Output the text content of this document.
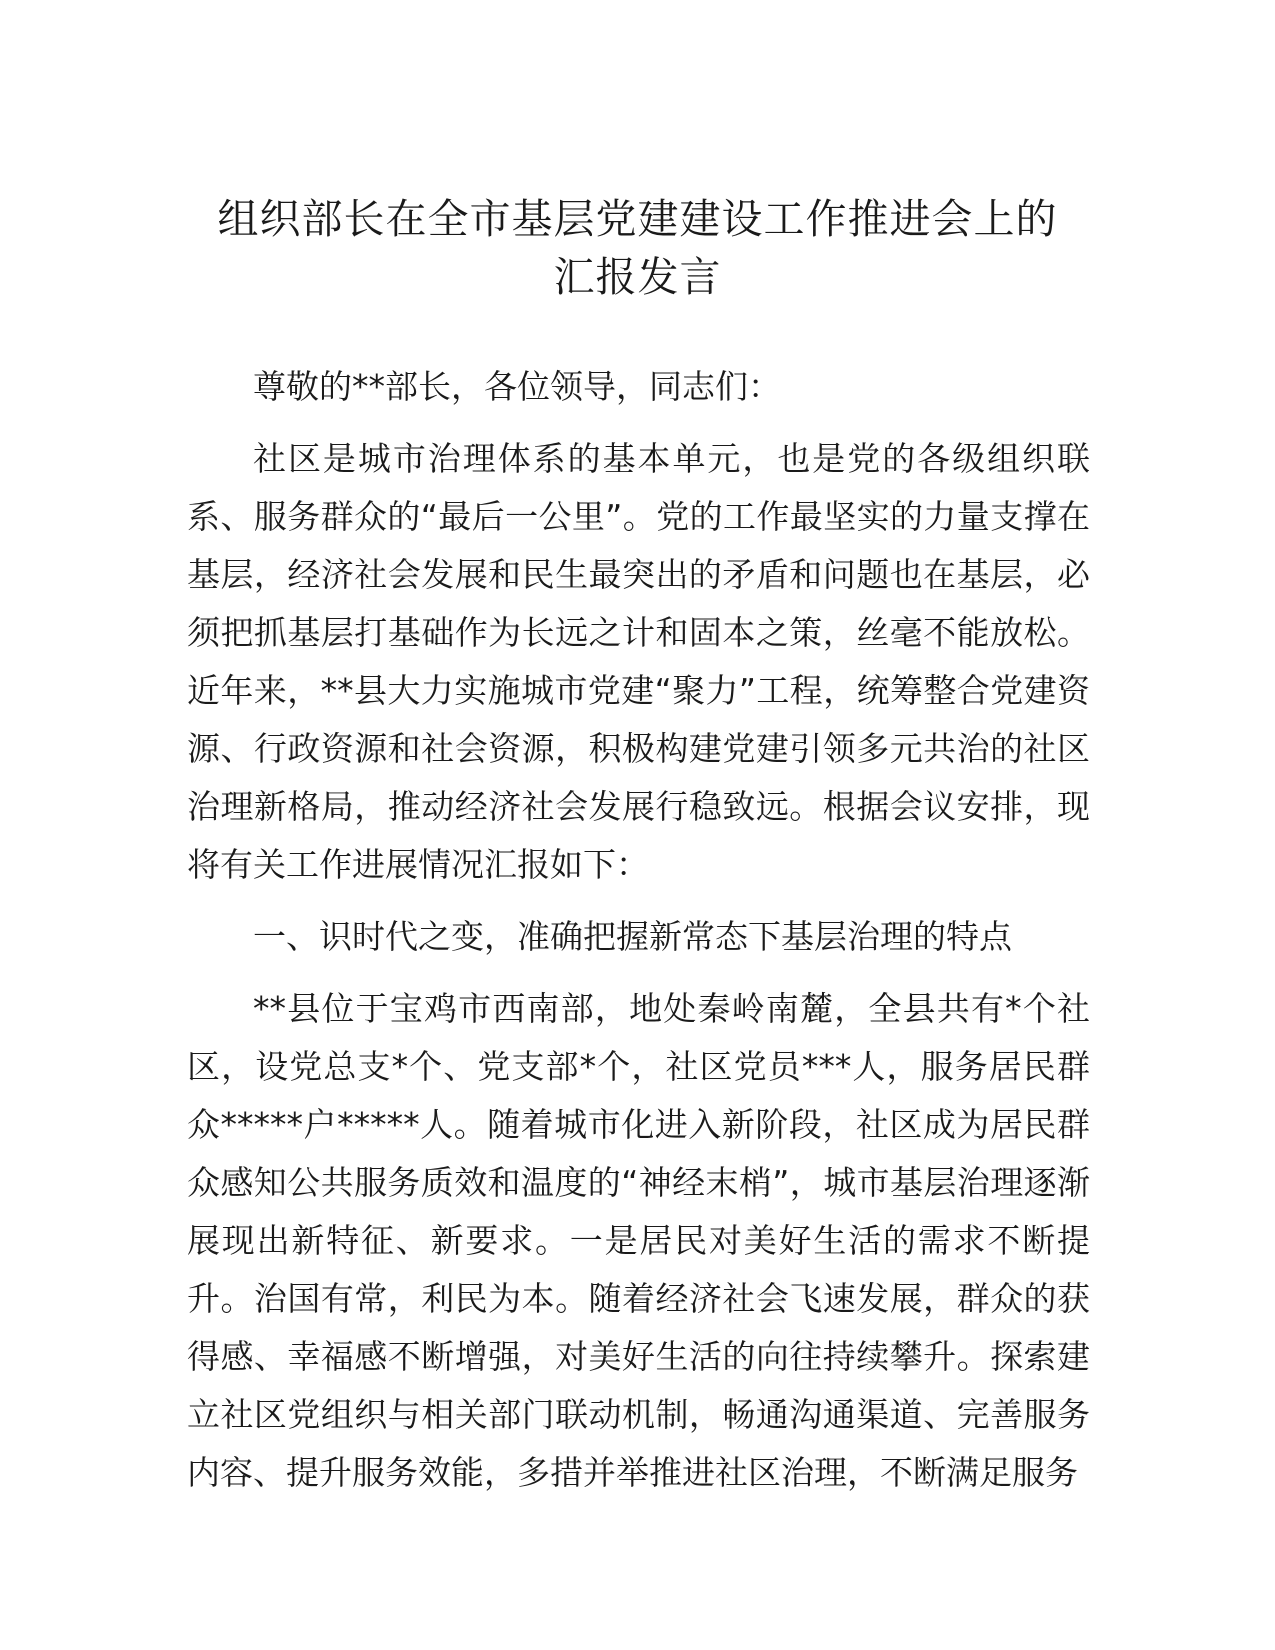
组织部长在全市基层党建建设工作推进会上的
汇报发言

尊敬的**部长，各位领导，同志们：

社区是城市治理体系的基本单元，也是党的各级组织联系、服务群众的“最后一公里”。党的工作最坚实的力量支撑在基层，经济社会发展和民生最突出的矛盾和问题也在基层，必须把抓基层打基础作为长远之计和固本之策，丝毫不能放松。近年来，**县大力实施城市党建“聚力”工程，统筹整合党建资源、行政资源和社会资源，积极构建党建引领多元共治的社区治理新格局，推动经济社会发展行稳致远。根据会议安排，现将有关工作进展情况汇报如下：

一、识时代之变，准确把握新常态下基层治理的特点

**县位于宝鸡市西南部，地处秦岭南麓，全县共有*个社区，设党总支*个、党支部*个，社区党员***人，服务居民群众*****户*****人。随着城市化进入新阶段，社区成为居民群众感知公共服务质效和温度的“神经末梢”，城市基层治理逐渐展现出新特征、新要求。一是居民对美好生活的需求不断提升。治国有常，利民为本。随着经济社会飞速发展，群众的获得感、幸福感不断增强，对美好生活的向往持续攀升。探索建立社区党组织与相关部门联动机制，畅通沟通渠道、完善服务内容、提升服务效能，多措并举推进社区治理，不断满足服务
